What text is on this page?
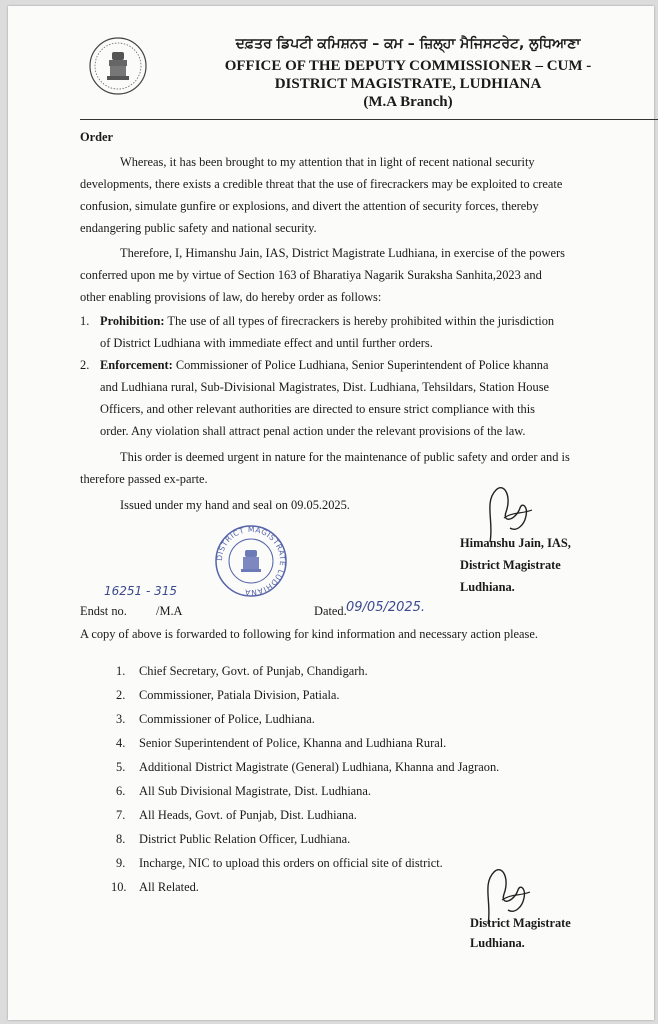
ਦਫ਼ਤਰ ਡਿਪਟੀ ਕਮਿਸ਼ਨਰ – ਕਮ – ਜ਼ਿਲ੍ਹਾ ਮੈਜਿਸਟਰੇਟ, ਲੁਧਿਆਣਾ
OFFICE OF THE DEPUTY COMMISSIONER – CUM -
DISTRICT MAGISTRATE, LUDHIANA
(M.A Branch)
Order
Whereas, it has been brought to my attention that in light of recent national security
developments, there exists a credible threat that the use of firecrackers may be exploited to create
confusion, simulate gunfire or explosions, and divert the attention of security forces, thereby
endangering public safety and national security.
Therefore, I, Himanshu Jain, IAS, District Magistrate Ludhiana, in exercise of the powers
conferred upon me by virtue of Section 163 of Bharatiya Nagarik Suraksha Sanhita,2023 and
other enabling provisions of law, do hereby order as follows:
1. Prohibition: The use of all types of firecrackers is hereby prohibited within the jurisdiction
of District Ludhiana with immediate effect and until further orders.
2. Enforcement: Commissioner of Police Ludhiana, Senior Superintendent of Police khanna
and Ludhiana rural, Sub-Divisional Magistrates, Dist. Ludhiana, Tehsildars, Station House
Officers, and other relevant authorities are directed to ensure strict compliance with this
order. Any violation shall attract penal action under the relevant provisions of the law.
This order is deemed urgent in nature for the maintenance of public safety and order and is
therefore passed ex-parte.
Issued under my hand and seal on 09.05.2025.
Himanshu Jain, IAS,
District Magistrate
Ludhiana.
DISTRICT MAGISTRATE LUDHIANA
16251 - 315
Endst no. /M.A	Dated. 09/05/2025.
A copy of above is forwarded to following for kind information and necessary action please.
1. Chief Secretary, Govt. of Punjab, Chandigarh.
2. Commissioner, Patiala Division, Patiala.
3. Commissioner of Police, Ludhiana.
4. Senior Superintendent of Police, Khanna and Ludhiana Rural.
5. Additional District Magistrate (General) Ludhiana, Khanna and Jagraon.
6. All Sub Divisional Magistrate, Dist. Ludhiana.
7. All Heads, Govt. of Punjab, Dist. Ludhiana.
8. District Public Relation Officer, Ludhiana.
9. Incharge, NIC to upload this orders on official site of district.
10. All Related.
District Magistrate
Ludhiana.
